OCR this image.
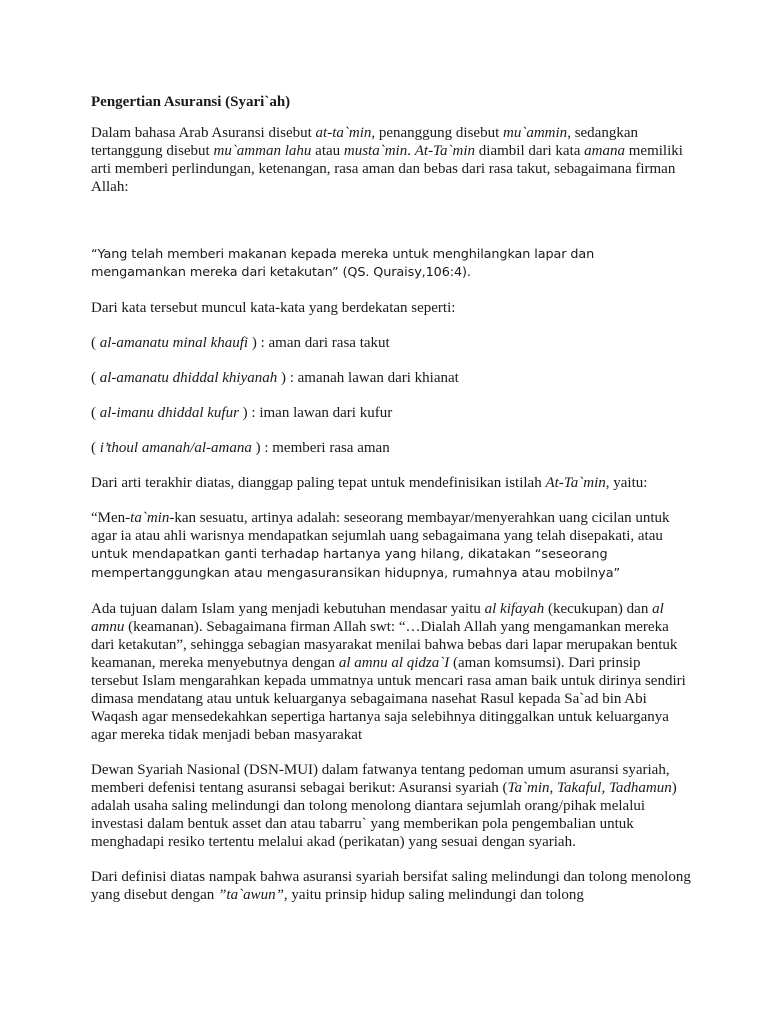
Pengertian Asuransi (Syari`ah)

Dalam bahasa Arab Asuransi disebut at-ta`min, penanggung disebut mu`ammin, sedangkan tertanggung disebut mu`amman lahu atau musta`min. At-Ta`min diambil dari kata amana memiliki arti memberi perlindungan, ketenangan, rasa aman dan bebas dari rasa takut, sebagaimana firman Allah:

“Yang telah memberi makanan kepada mereka untuk menghilangkan lapar dan mengamankan mereka dari ketakutan” (QS. Quraisy,106:4).

Dari kata tersebut muncul kata-kata yang berdekatan seperti:

( al-amanatu minal khaufi ) : aman dari rasa takut

( al-amanatu dhiddal khiyanah ) : amanah lawan dari khianat

( al-imanu dhiddal kufur ) : iman lawan dari kufur

( i’thoul amanah/al-amana ) : memberi rasa aman

Dari arti terakhir diatas, dianggap paling tepat untuk mendefinisikan istilah At-Ta`min, yaitu:

“Men-ta`min-kan sesuatu, artinya adalah: seseorang membayar/menyerahkan uang cicilan untuk agar ia atau ahli warisnya mendapatkan sejumlah uang sebagaimana yang telah disepakati, atau untuk mendapatkan ganti terhadap hartanya yang hilang, dikatakan “seseorang mempertanggungkan atau mengasuransikan hidupnya, rumahnya atau mobilnya”

Ada tujuan dalam Islam yang menjadi kebutuhan mendasar yaitu al kifayah (kecukupan) dan al amnu (keamanan). Sebagaimana firman Allah swt: “…Dialah Allah yang mengamankan mereka dari ketakutan”, sehingga sebagian masyarakat menilai bahwa bebas dari lapar merupakan bentuk keamanan, mereka menyebutnya dengan al amnu al qidza`I (aman komsumsi). Dari prinsip tersebut Islam mengarahkan kepada ummatnya untuk mencari rasa aman baik untuk dirinya sendiri dimasa mendatang atau untuk keluarganya sebagaimana nasehat Rasul kepada Sa`ad bin Abi Waqash agar mensedekahkan sepertiga hartanya saja selebihnya ditinggalkan untuk keluarganya agar mereka tidak menjadi beban masyarakat

Dewan Syariah Nasional (DSN-MUI) dalam fatwanya tentang pedoman umum asuransi syariah, memberi defenisi tentang asuransi sebagai berikut: Asuransi syariah (Ta`min, Takaful, Tadhamun) adalah usaha saling melindungi dan tolong menolong diantara sejumlah orang/pihak melalui investasi dalam bentuk asset dan atau tabarru` yang memberikan pola pengembalian untuk menghadapi resiko tertentu melalui akad (perikatan) yang sesuai dengan syariah.

Dari definisi diatas nampak bahwa asuransi syariah bersifat saling melindungi dan tolong menolong yang disebut dengan ”ta`awun”, yaitu prinsip hidup saling melindungi dan tolong
